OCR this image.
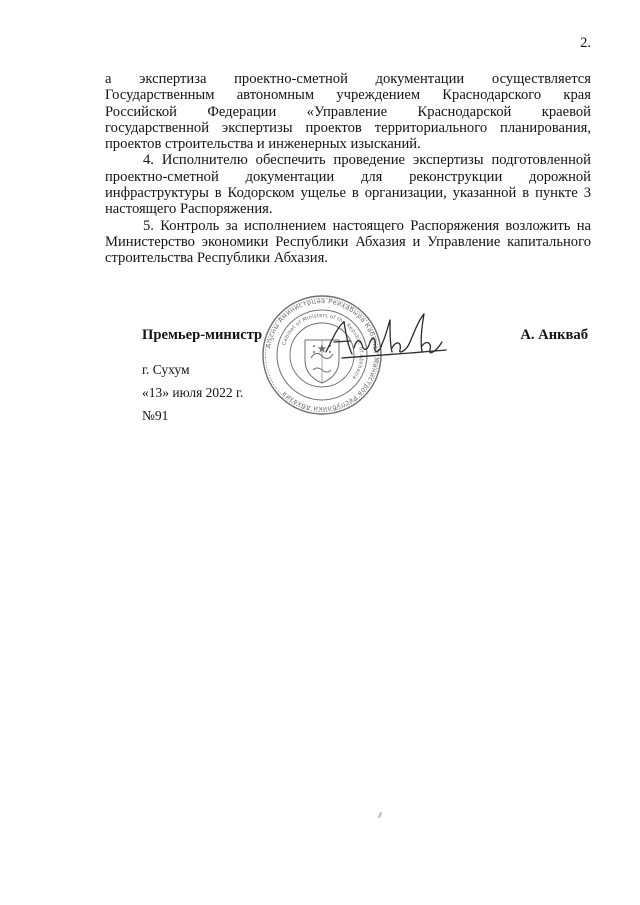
2.

а экспертиза проектно-сметной документации осуществляется Государственным автономным учреждением Краснодарского края Российской Федерации «Управление Краснодарской краевой государственной экспертизы проектов территориального планирования, проектов строительства и инженерных изысканий.

4. Исполнителю обеспечить проведение экспертизы подготовленной проектно-сметной документации для реконструкции дорожной инфраструктуры в Кодорском ущелье в организации, указанной в пункте 3 настоящего Распоряжения.

5. Контроль за исполнением настоящего Распоряжения возложить на Министерство экономики Республики Абхазия и Управление капитального строительства Республики Абхазия.

Премьер-министр	А. Анкваб
Аҧсны Аминистрцәа Реиҳабыра Кабинет Министров Республики Абхазия
Cabinet of Ministers of the Republic of Abkhazia
г. Сухум
«13» июля 2022 г.
№91
